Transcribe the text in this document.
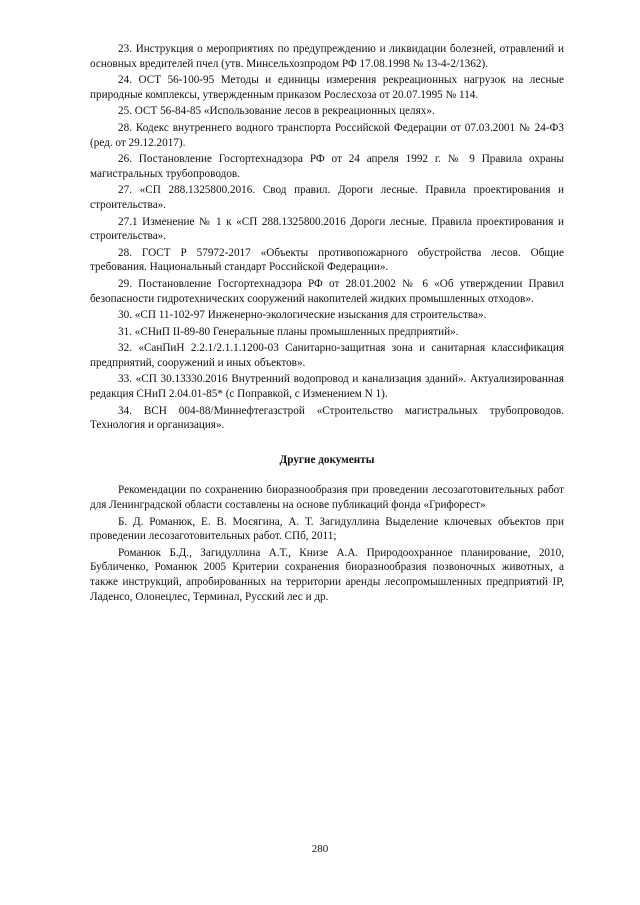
23. Инструкция о мероприятиях по предупреждению и ликвидации болезней, отравлений и основных вредителей пчел (утв. Минсельхозпродом РФ 17.08.1998 № 13-4-2/1362).

24. ОСТ 56-100-95 Методы и единицы измерения рекреационных нагрузок на лесные природные комплексы, утвержденным приказом Рослесхоза от 20.07.1995 № 114.

25. ОСТ 56-84-85 «Использование лесов в рекреационных целях».

28. Кодекс внутреннего водного транспорта Российской Федерации от 07.03.2001 № 24-ФЗ (ред. от 29.12.2017).

26. Постановление Госгортехнадзора РФ от 24 апреля 1992 г. № 9 Правила охраны магистральных трубопроводов.

27. «СП 288.1325800.2016. Свод правил. Дороги лесные. Правила проектирования и строительства».

27.1 Изменение № 1 к «СП 288.1325800.2016 Дороги лесные. Правила проектирования и строительства».

28. ГОСТ Р 57972-2017 «Объекты противопожарного обустройства лесов. Общие требования. Национальный стандарт Российской Федерации».

29. Постановление Госгортехнадзора РФ от 28.01.2002 № 6 «Об утверждении Правил безопасности гидротехнических сооружений накопителей жидких промышленных отходов».

30. «СП 11-102-97 Инженерно-экологические изыскания для строительства».

31. «СНиП II-89-80 Генеральные планы промышленных предприятий».

32. «СанПиН 2.2.1/2.1.1.1200-03 Санитарно-защитная зона и санитарная классификация предприятий, сооружений и иных объектов».

33. «СП 30.13330.2016 Внутренний водопровод и канализация зданий». Актуализированная редакция СНиП 2.04.01-85* (с Поправкой, с Изменением N 1).

34. ВСН 004-88/Миннефтегазстрой «Строительство магистральных трубопроводов. Технология и организация».

Другие документы

Рекомендации по сохранению биоразнообразия при проведении лесозаготовительных работ для Ленинградской области составлены на основе публикаций фонда «Грифорест»

Б. Д. Романюк, Е. В. Мосягина, А. Т. Загидуллина Выделение ключевых объектов при проведении лесозаготовительных работ. СПб, 2011;

Романюк Б.Д., Загидуллина А.Т., Книзе А.А. Природоохранное планирование, 2010, Бубличенко, Романюк 2005 Критерии сохранения биоразнообразия позвоночных животных, а также инструкций, апробированных на территории аренды лесопромышленных предприятий IP, Ладенсо, Олонецлес, Терминал, Русский лес и др.

280
